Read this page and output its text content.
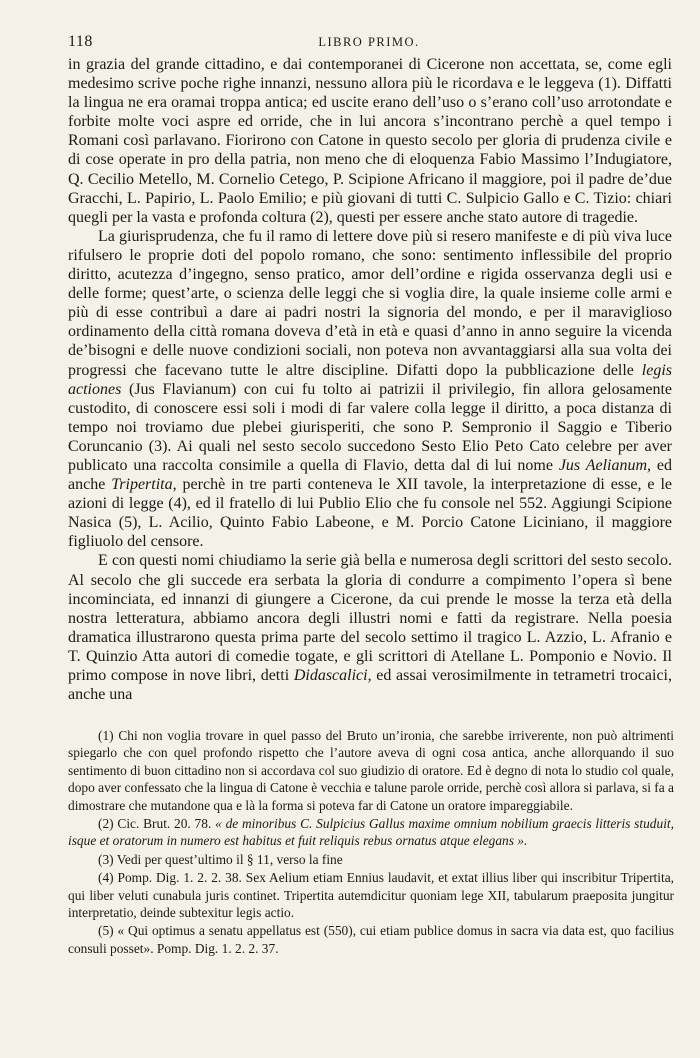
118	LIBRO PRIMO.

in grazia del grande cittadino, e dai contemporanei di Cicerone non accettata, se, come egli medesimo scrive poche righe innanzi, nessuno allora più le ricordava e le leggeva (1). Diffatti la lingua ne era oramai troppa antica; ed uscite erano dell’uso o s’erano coll’uso arrotondate e forbite molte voci aspre ed orride, che in lui ancora s’incontrano perchè a quel tempo i Romani così parlavano. Fiorirono con Catone in questo secolo per gloria di prudenza civile e di cose operate in pro della patria, non meno che di eloquenza Fabio Massimo l’Indugiatore, Q. Cecilio Metello, M. Cornelio Cetego, P. Scipione Africano il maggiore, poi il padre de’due Gracchi, L. Papirio, L. Paolo Emilio; e più giovani di tutti C. Sulpicio Gallo e C. Tizio: chiari quegli per la vasta e profonda coltura (2), questi per essere anche stato autore di tragedie.

La giurisprudenza, che fu il ramo di lettere dove più si resero manifeste e di più viva luce rifulsero le proprie doti del popolo romano, che sono: sentimento inflessibile del proprio diritto, acutezza d’ingegno, senso pratico, amor dell’ordine e rigida osservanza degli usi e delle forme; quest’arte, o scienza delle leggi che si voglia dire, la quale insieme colle armi e più di esse contribuì a dare ai padri nostri la signoria del mondo, e per il maraviglioso ordinamento della città romana doveva d’età in età e quasi d’anno in anno seguire la vicenda de’bisogni e delle nuove condizioni sociali, non poteva non avvantaggiarsi alla sua volta dei progressi che facevano tutte le altre discipline. Difatti dopo la pubblicazione delle legis actiones (Jus Flavianum) con cui fu tolto ai patrizii il privilegio, fin allora gelosamente custodito, di conoscere essi soli i modi di far valere colla legge il diritto, a poca distanza di tempo noi troviamo due plebei giurisperiti, che sono P. Sempronio il Saggio e Tiberio Coruncanio (3). Ai quali nel sesto secolo succedono Sesto Elio Peto Cato celebre per aver publicato una raccolta consimile a quella di Flavio, detta dal di lui nome Jus Aelianum, ed anche Tripertita, perchè in tre parti conteneva le XII tavole, la interpretazione di esse, e le azioni di legge (4), ed il fratello di lui Publio Elio che fu console nel 552. Aggiungi Scipione Nasica (5), L. Acilio, Quinto Fabio Labeone, e M. Porcio Catone Liciniano, il maggiore figliuolo del censore.

E con questi nomi chiudiamo la serie già bella e numerosa degli scrittori del sesto secolo. Al secolo che gli succede era serbata la gloria di condurre a compimento l’opera sì bene incominciata, ed innanzi di giungere a Cicerone, da cui prende le mosse la terza età della nostra letteratura, abbiamo ancora degli illustri nomi e fatti da registrare. Nella poesia dramatica illustrarono questa prima parte del secolo settimo il tragico L. Azzio, L. Afranio e T. Quinzio Atta autori di comedie togate, e gli scrittori di Atellane L. Pomponio e Novio. Il primo compose in nove libri, detti Didascalici, ed assai verosimilmente in tetrametri trocaici, anche una

(1) Chi non voglia trovare in quel passo del Bruto un’ironia, che sarebbe irriverente, non può altrimenti spiegarlo che con quel profondo rispetto che l’autore aveva di ogni cosa antica, anche allorquando il suo sentimento di buon cittadino non si accordava col suo giudizio di oratore. Ed è degno di nota lo studio col quale, dopo aver confessato che la lingua di Catone è vecchia e talune parole orride, perchè così allora si parlava, si fa a dimostrare che mutandone qua e là la forma si poteva far di Catone un oratore impareggiabile.

(2) Cic. Brut. 20. 78. « de minoribus C. Sulpicius Gallus maxime omnium nobilium graecis litteris studuit, isque et oratorum in numero est habitus et fuit reliquis rebus ornatus atque elegans ».

(3) Vedi per quest’ultimo il § 11, verso la fine

(4) Pomp. Dig. 1. 2. 2. 38. Sex Aelium etiam Ennius laudavit, et extat illius liber qui inscribitur Tripertita, qui liber veluti cunabula juris continet. Tripertita autemdicitur quoniam lege XII, tabularum praeposita jungitur interpretatio, deinde subtexitur legis actio.

(5) « Qui optimus a senatu appellatus est (550), cui etiam publice domus in sacra via data est, quo facilius consuli posset». Pomp. Dig. 1. 2. 2. 37.
